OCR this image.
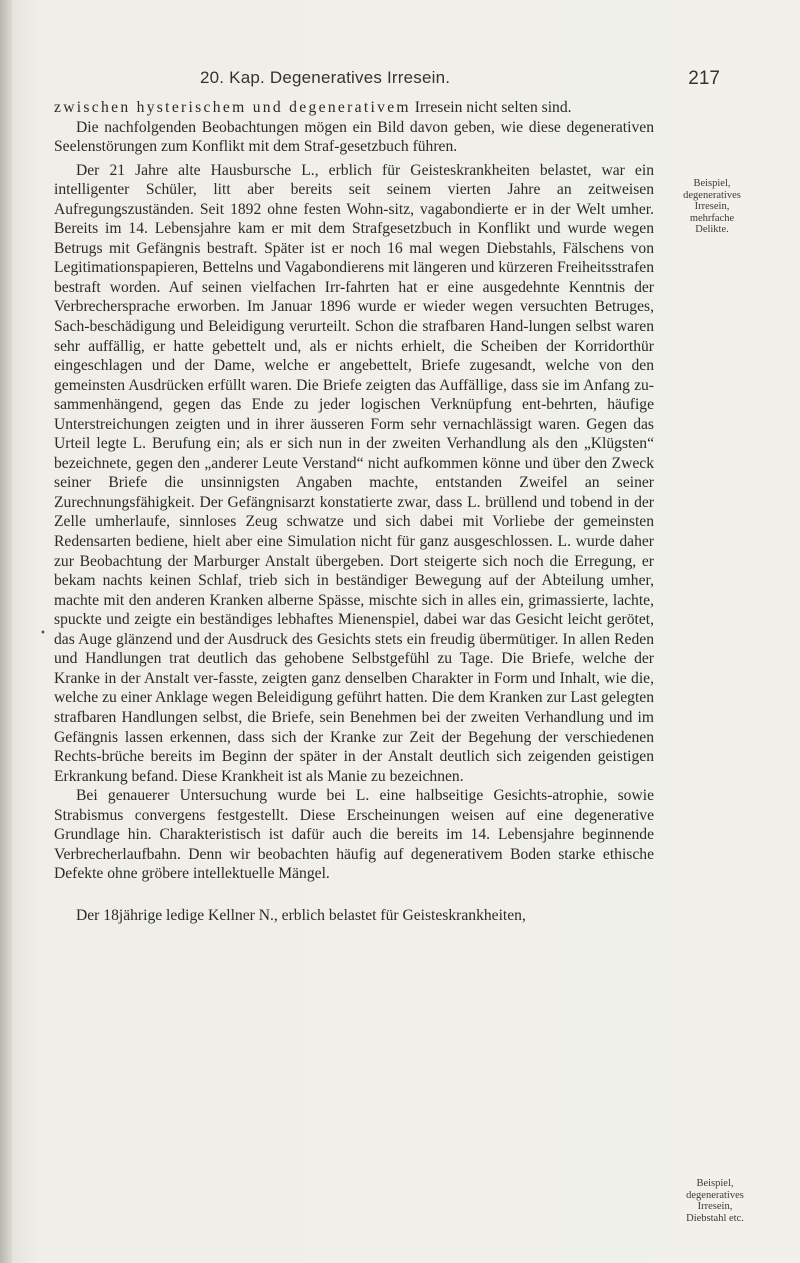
20. Kap. Degeneratives Irresein.	217

zwischen hysterischem und degenerativem Irresein nicht selten sind.

Die nachfolgenden Beobachtungen mögen ein Bild davon geben, wie diese degenerativen Seelenstörungen zum Konflikt mit dem Straf-gesetzbuch führen.

Der 21 Jahre alte Hausbursche L., erblich für Geisteskrankheiten belastet, war ein intelligenter Schüler, litt aber bereits seit seinem vierten Jahre an zeitweisen Aufregungszuständen. Seit 1892 ohne festen Wohn-sitz, vagabondierte er in der Welt umher. Bereits im 14. Lebensjahre kam er mit dem Strafgesetzbuch in Konflikt und wurde wegen Betrugs mit Gefängnis bestraft. Später ist er noch 16 mal wegen Diebstahls, Fälschens von Legitimationspapieren, Bettelns und Vagabondierens mit längeren und kürzeren Freiheitsstrafen bestraft worden. Auf seinen vielfachen Irr-fahrten hat er eine ausgedehnte Kenntnis der Verbrechersprache erworben. Im Januar 1896 wurde er wieder wegen versuchten Betruges, Sach-beschädigung und Beleidigung verurteilt. Schon die strafbaren Hand-lungen selbst waren sehr auffällig, er hatte gebettelt und, als er nichts erhielt, die Scheiben der Korridorthür eingeschlagen und der Dame, welche er angebettelt, Briefe zugesandt, welche von den gemeinsten Ausdrücken erfüllt waren. Die Briefe zeigten das Auffällige, dass sie im Anfang zu-sammenhängend, gegen das Ende zu jeder logischen Verknüpfung ent-behrten, häufige Unterstreichungen zeigten und in ihrer äusseren Form sehr vernachlässigt waren. Gegen das Urteil legte L. Berufung ein; als er sich nun in der zweiten Verhandlung als den „Klügsten“ bezeichnete, gegen den „anderer Leute Verstand“ nicht aufkommen könne und über den Zweck seiner Briefe die unsinnigsten Angaben machte, entstanden Zweifel an seiner Zurechnungsfähigkeit. Der Gefängnisarzt konstatierte zwar, dass L. brüllend und tobend in der Zelle umherlaufe, sinnloses Zeug schwatze und sich dabei mit Vorliebe der gemeinsten Redensarten bediene, hielt aber eine Simulation nicht für ganz ausgeschlossen. L. wurde daher zur Beobachtung der Marburger Anstalt übergeben. Dort steigerte sich noch die Erregung, er bekam nachts keinen Schlaf, trieb sich in beständiger Bewegung auf der Abteilung umher, machte mit den anderen Kranken alberne Spässe, mischte sich in alles ein, grimassierte, lachte, spuckte und zeigte ein beständiges lebhaftes Mienenspiel, dabei war das Gesicht leicht gerötet, das Auge glänzend und der Ausdruck des Gesichts stets ein freudig übermütiger. In allen Reden und Handlungen trat deutlich das gehobene Selbstgefühl zu Tage. Die Briefe, welche der Kranke in der Anstalt ver-fasste, zeigten ganz denselben Charakter in Form und Inhalt, wie die, welche zu einer Anklage wegen Beleidigung geführt hatten. Die dem Kranken zur Last gelegten strafbaren Handlungen selbst, die Briefe, sein Benehmen bei der zweiten Verhandlung und im Gefängnis lassen erkennen, dass sich der Kranke zur Zeit der Begehung der verschiedenen Rechts-brüche bereits im Beginn der später in der Anstalt deutlich sich zeigenden geistigen Erkrankung befand. Diese Krankheit ist als Manie zu bezeichnen.

Bei genauerer Untersuchung wurde bei L. eine halbseitige Gesichts-atrophie, sowie Strabismus convergens festgestellt. Diese Erscheinungen weisen auf eine degenerative Grundlage hin. Charakteristisch ist dafür auch die bereits im 14. Lebensjahre beginnende Verbrecherlaufbahn. Denn wir beobachten häufig auf degenerativem Boden starke ethische Defekte ohne gröbere intellektuelle Mängel.

Der 18jährige ledige Kellner N., erblich belastet für Geisteskrankheiten,

•
Beispiel,
degeneratives
Irresein,
mehrfache
Delikte.
Beispiel,
degeneratives
Irresein,
Diebstahl etc.
